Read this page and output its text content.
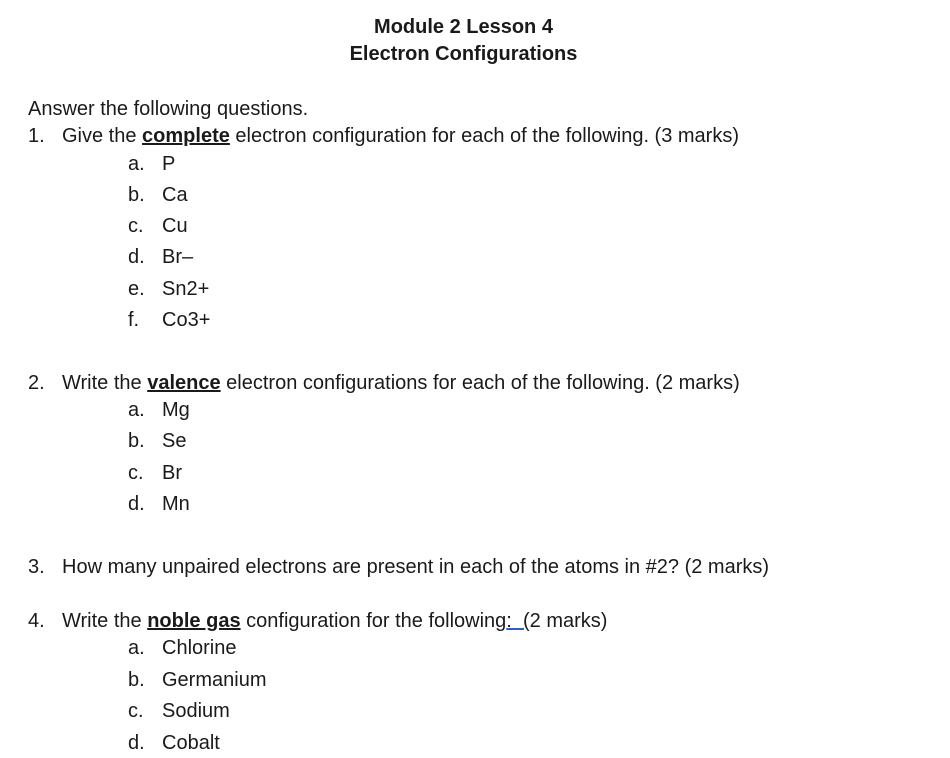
Module 2 Lesson 4
Electron Configurations
Answer the following questions.
1. Give the complete electron configuration for each of the following. (3 marks)
a. P
b. Ca
c. Cu
d. Br–
e. Sn2+
f. Co3+
2. Write the valence electron configurations for each of the following. (2 marks)
a. Mg
b. Se
c. Br
d. Mn
3. How many unpaired electrons are present in each of the atoms in #2? (2 marks)
4. Write the noble gas configuration for the following:  (2 marks)
a. Chlorine
b. Germanium
c. Sodium
d. Cobalt
